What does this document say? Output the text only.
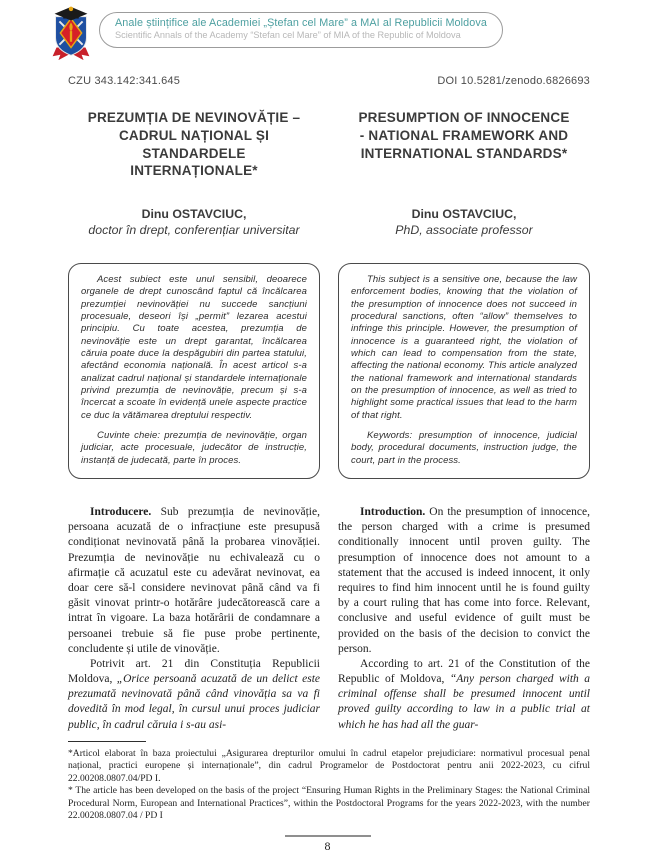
Anale științifice ale Academiei „Ștefan cel Mare” a MAI al Republicii Moldova
Scientific Annals of the Academy “Stefan cel Mare” of MIA of the Republic of Moldova
CZU 343.142:341.645	DOI 10.5281/zenodo.6826693
PREZUMȚIA DE NEVINOVĂȚIE –
CADRUL NAȚIONAL ȘI STANDARDELE
INTERNAȚIONALE*
PRESUMPTION OF INNOCENCE
- NATIONAL FRAMEWORK AND
INTERNATIONAL STANDARDS*
Dinu OSTAVCIUC,
doctor în drept, conferențiar universitar
Dinu OSTAVCIUC,
PhD, associate professor

Acest subiect este unul sensibil, deoarece organele de drept cunoscând faptul că încălcarea prezumției nevinovăției nu succede sancțiuni procesuale, deseori își „permit” lezarea acestui principiu. Cu toate acestea, prezumția de nevinovăție este un drept garantat, încălcarea căruia poate duce la despăgubiri din partea statului, afectând economia națională. În acest articol s-a analizat cadrul național și standardele internaționale privind prezumția de nevinovăție, precum și s-a încercat a scoate în evidență unele aspecte practice ce duc la vătămarea dreptului respectiv.

Cuvinte cheie: prezumția de nevinovăție, organ judiciar, acte procesuale, judecător de instrucție, instanță de judecată, parte în proces.

This subject is a sensitive one, because the law enforcement bodies, knowing that the violation of the presumption of innocence does not succeed in procedural sanctions, often “allow” themselves to infringe this principle. However, the presumption of innocence is a guaranteed right, the violation of which can lead to compensation from the state, affecting the national economy. This article analyzed the national framework and international standards on the presumption of innocence, as well as tried to highlight some practical issues that lead to the harm of that right.

Keywords: presumption of innocence, judicial body, procedural documents, instruction judge, the court, part in the process.

Introducere. Sub prezumția de nevinovăție, persoana acuzată de o infracțiune este presupusă condiționat nevinovată până la probarea vinovăției. Prezumția de nevinovăție nu echivalează cu o afirmație că acuzatul este cu adevărat nevinovat, ea doar cere să-l considere nevinovat până când va fi găsit vinovat printr-o hotărâre judecătorească care a intrat în vigoare. La baza hotărârii de condamnare a persoanei trebuie să fie puse probe pertinente, concludente și utile de vinovăție.

Potrivit art. 21 din Constituția Republicii Moldova, „Orice persoană acuzată de un delict este prezumată nevinovată până când vinovăția sa va fi dovedită în mod legal, în cursul unui proces judiciar public, în cadrul căruia i s-au asi-

Introduction. On the presumption of innocence, the person charged with a crime is presumed conditionally innocent until proven guilty. The presumption of innocence does not amount to a statement that the accused is indeed innocent, it only requires to find him innocent until he is found guilty by a court ruling that has come into force. Relevant, conclusive and useful evidence of guilt must be provided on the basis of the decision to convict the person.

According to art. 21 of the Constitution of the Republic of Moldova, “Any person charged with a criminal offense shall be presumed innocent until proved guilty according to law in a public trial at which he has had all the guar-

*Articol elaborat în baza proiectului „Asigurarea drepturilor omului în cadrul etapelor prejudiciare: normativul procesual penal național, practici europene și internaționale”, din cadrul Programelor de Postdoctorat pentru anii 2022-2023, cu cifrul 22.00208.0807.04/PD I.

* The article has been developed on the basis of the project “Ensuring Human Rights in the Preliminary Stages: the National Criminal Procedural Norm, European and International Practices”, within the Postdoctoral Programs for the years 2022-2023, with the number 22.00208.0807.04 / PD I

8
